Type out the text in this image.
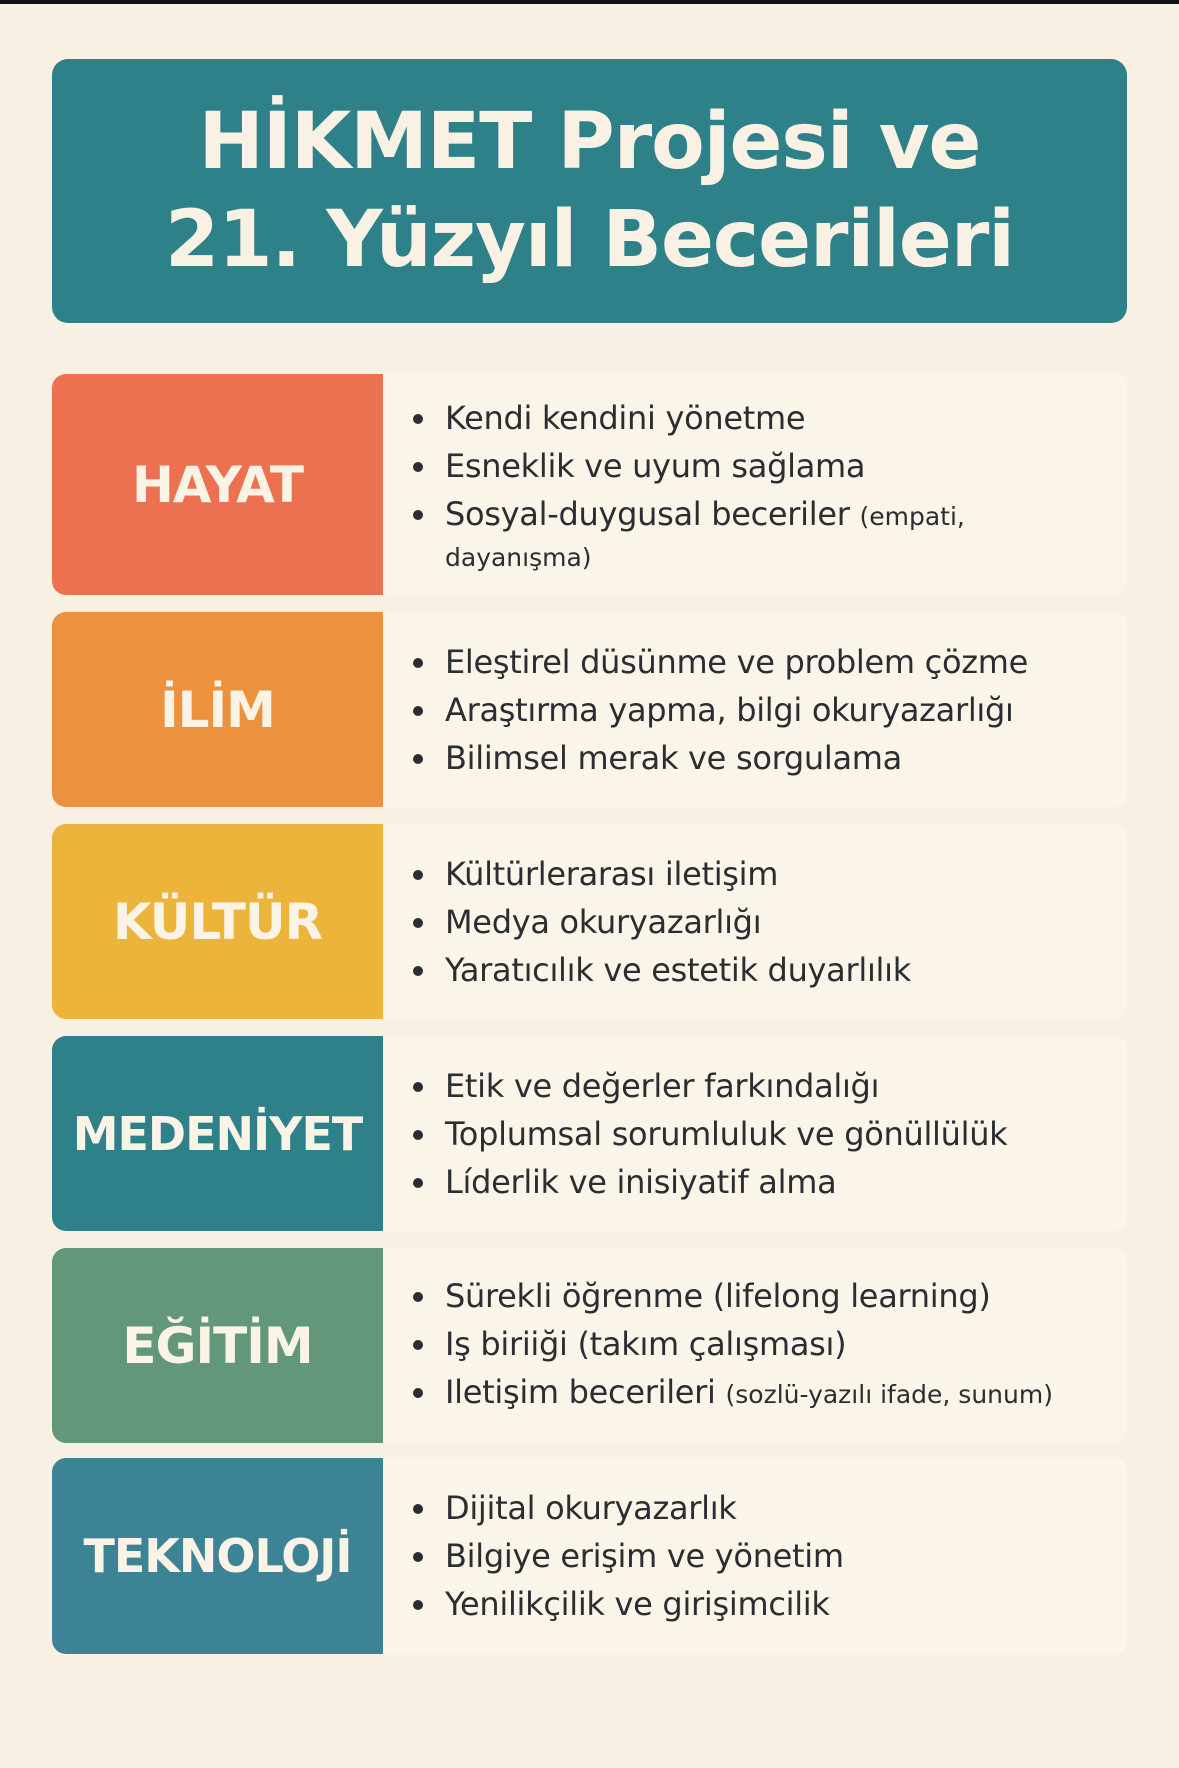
HİKMET Projesi ve
21. Yüzyıl Becerileri
HAYAT
Kendi kendini yönetme
Esneklik ve uyum sağlama
Sosyal-duygusal beceriler (empati,
dayanışma)
İLİM
Eleştirel düsünme ve problem çözme
Araştırma yapma, bilgi okuryazarlığı
Bilimsel merak ve sorgulama
KÜLTÜR
Kültürlerarası iletişim
Medya okuryazarlığı
Yaratıcılık ve estetik duyarlılık
MEDENİYET
Etik ve değerler farkındalığı
Toplumsal sorumluluk ve gönüllülük
Líderlik ve inisiyatif alma
EĞİTİM
Sürekli öğrenme (lifelong learning)
Iş biriiği (takım çalışması)
Iletişim becerileri (sozlü-yazılı ifade, sunum)
TEKNOLOJİ
Dijital okuryazarlık
Bilgiye erişim ve yönetim
Yenilikçilik ve girişimcilik
